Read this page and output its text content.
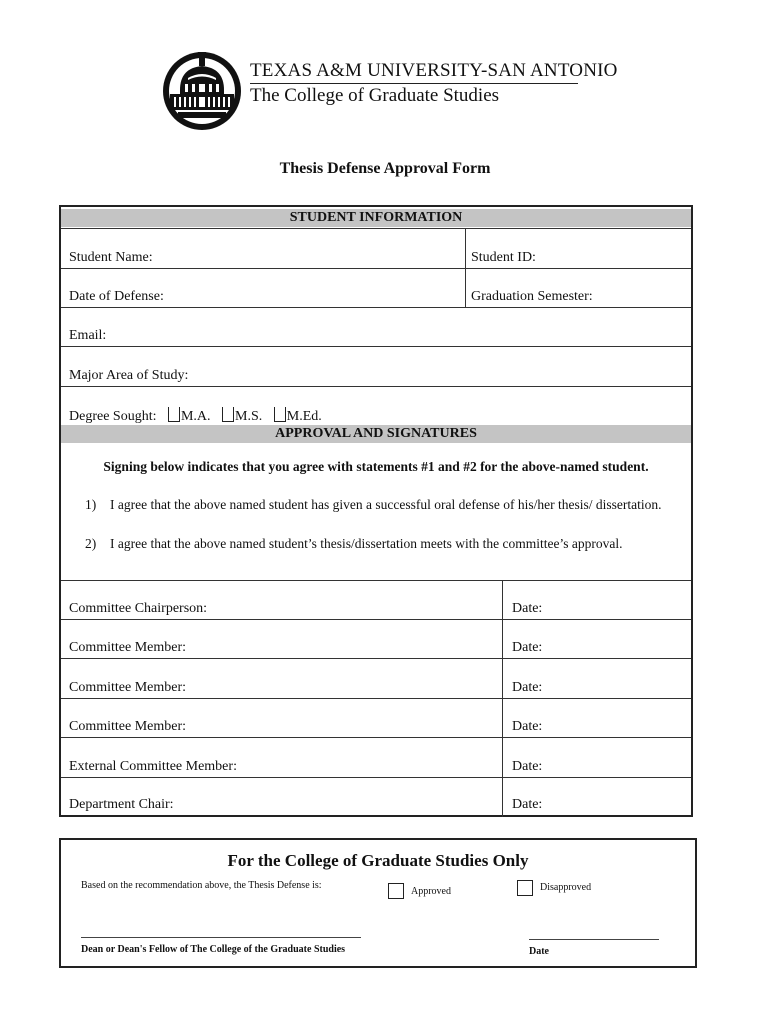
TEXAS A&M UNIVERSITY-SAN ANTONIO
The College of Graduate Studies
Thesis Defense Approval Form
STUDENT INFORMATION
Student Name:	Student ID:
Date of Defense:	Graduation Semester:
Email:
Major Area of Study:
Degree Sought: M.A. M.S. M.Ed.
APPROVAL AND SIGNATURES
Signing below indicates that you agree with statements #1 and #2 for the above-named student.
1) I agree that the above named student has given a successful oral defense of his/her thesis/ dissertation.
2) I agree that the above named student’s thesis/dissertation meets with the committee’s approval.
Committee Chairperson:	Date:
Committee Member:	Date:
Committee Member:	Date:
Committee Member:	Date:
External Committee Member:	Date:
Department Chair:	Date:
For the College of Graduate Studies Only
Based on the recommendation above, the Thesis Defense is:
Approved	Disapproved
Dean or Dean's Fellow of The College of the Graduate Studies	Date
